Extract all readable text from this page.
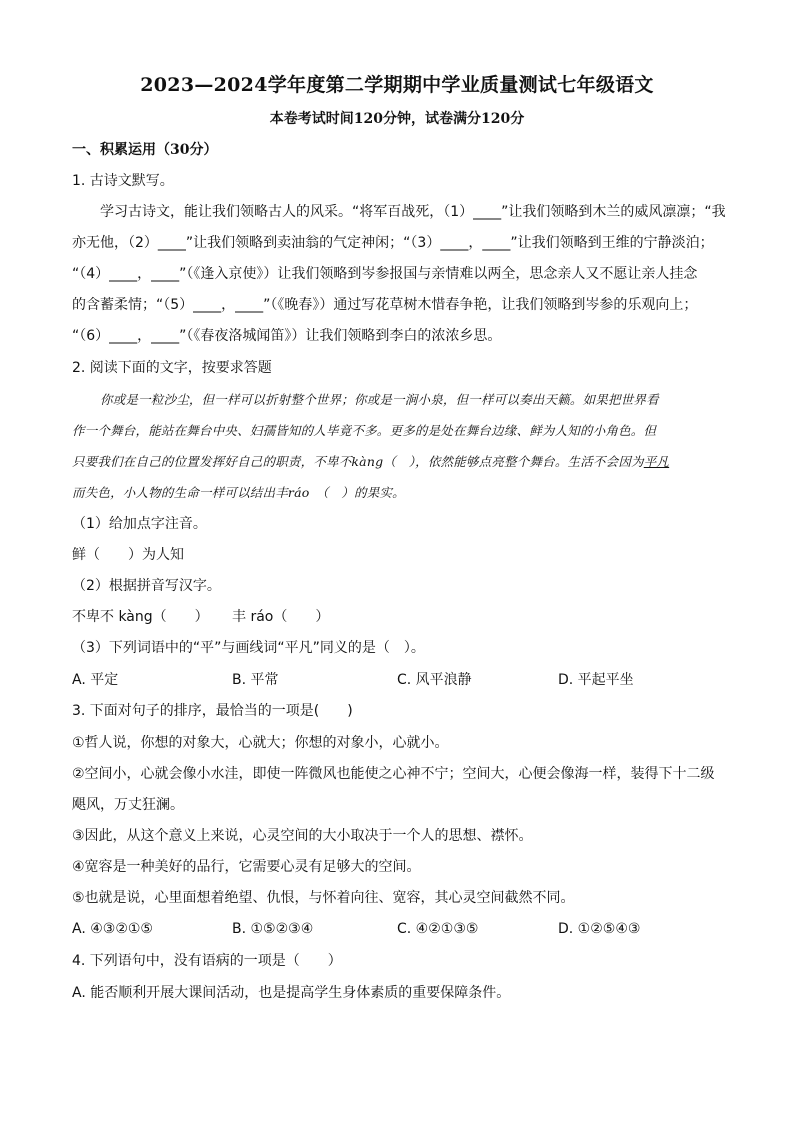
2023—2024学年度第二学期期中学业质量测试七年级语文
本卷考试时间120分钟，试卷满分120分
一、积累运用（30分）
1. 古诗文默写。
学习古诗文，能让我们领略古人的风采。“将军百战死，（1）____”让我们领略到木兰的威风凛凛；“我
亦无他，（2）____”让我们领略到卖油翁的气定神闲；“（3）____，____”让我们领略到王维的宁静淡泊；
“（4）____，____”（《逢入京使》）让我们领略到岑参报国与亲情难以两全，思念亲人又不愿让亲人挂念
的含蓄柔情；“（5）____，____”（《晚春》）通过写花草树木惜春争艳，让我们领略到岑参的乐观向上；
“（6）____，____”（《春夜洛城闻笛》）让我们领略到李白的浓浓乡思。
2. 阅读下面的文字，按要求答题
你或是一粒沙尘，但一样可以折射整个世界；你或是一涧小泉，但一样可以奏出天籁。如果把世界看
作一个舞台，能站在舞台中央、妇孺皆知的人毕竟不多。更多的是处在舞台边缘、鲜为人知的小角色。但
只要我们在自己的位置发挥好自己的职责，不卑不kàng（　），依然能够点亮整个舞台。生活不会因为平凡
而失色，小人物的生命一样可以结出丰ráo　（　）的果实。
（1）给加点字注音。
鲜（　　）为人知
（2）根据拼音写汉字。
不卑不 kàng（　　） 丰 ráo（　　）
（3）下列词语中的“平”与画线词“平凡”同义的是（　）。
A. 平定	B. 平常	C. 风平浪静	D. 平起平坐
3. 下面对句子的排序，最恰当的一项是(　　)
①哲人说，你想的对象大，心就大；你想的对象小，心就小。
②空间小，心就会像小水洼，即使一阵微风也能使之心神不宁；空间大，心便会像海一样，装得下十二级
飓风，万丈狂澜。
③因此，从这个意义上来说，心灵空间的大小取决于一个人的思想、襟怀。
④宽容是一种美好的品行，它需要心灵有足够大的空间。
⑤也就是说，心里面想着绝望、仇恨，与怀着向往、宽容，其心灵空间截然不同。
A. ④③②①⑤	B. ①⑤②③④	C. ④②①③⑤	D. ①②⑤④③
4. 下列语句中，没有语病的一项是（　　）
A. 能否顺利开展大课间活动，也是提高学生身体素质的重要保障条件。
